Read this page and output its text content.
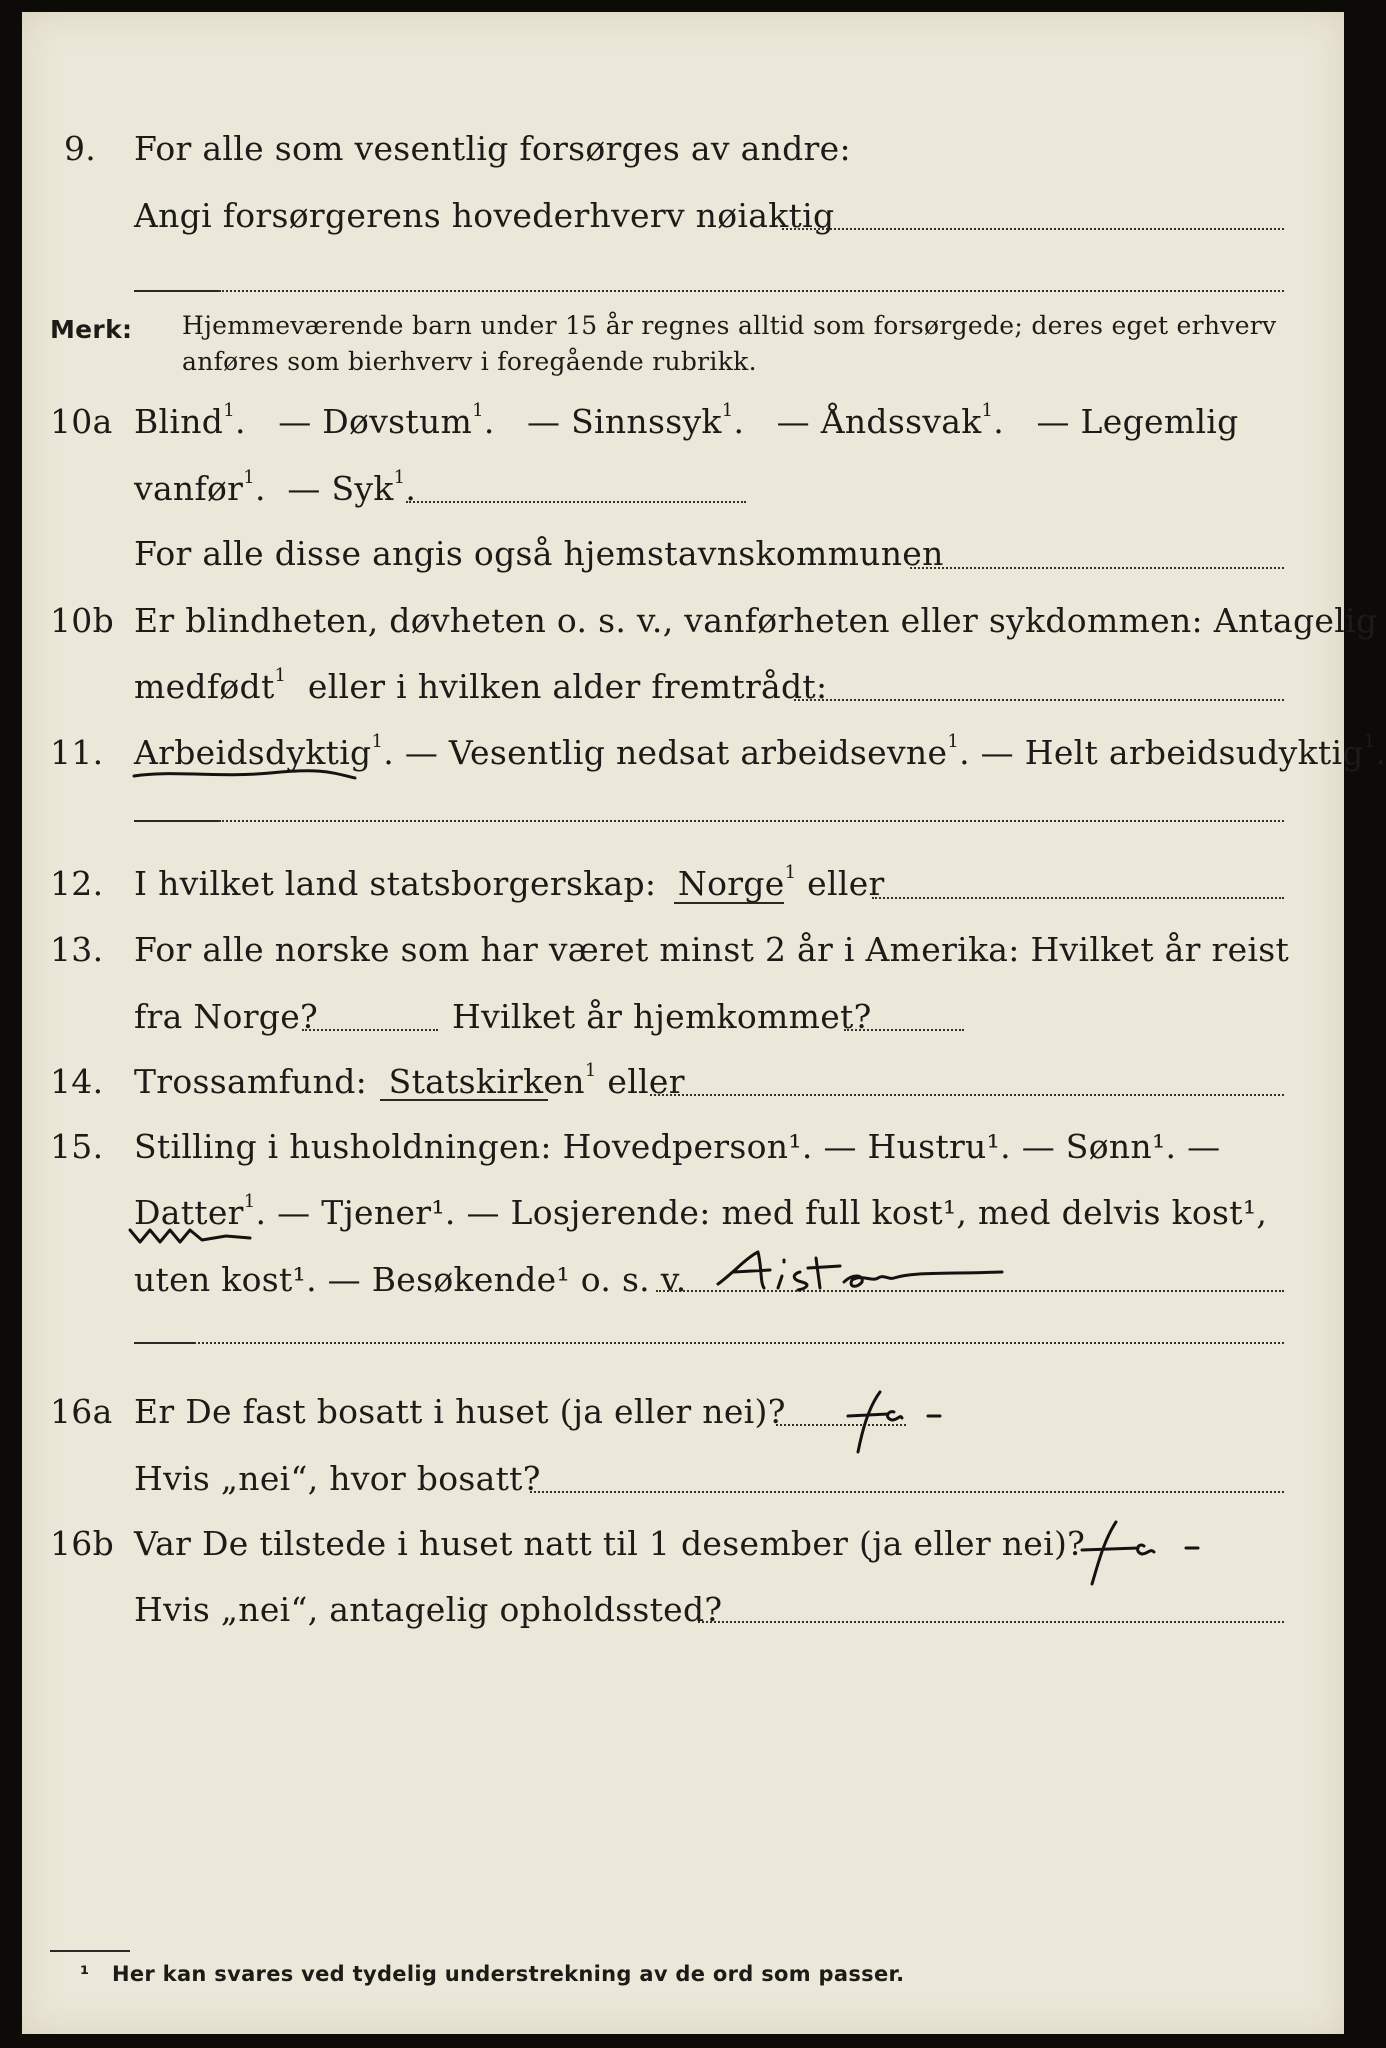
9. For alle som vesentlig forsørges av andre:
Angi forsørgerens hovederhverv nøiaktig
Merk: Hjemmeværende barn under 15 år regnes alltid som forsørgede; deres eget erhverv
anføres som bierhverv i foregående rubrikk.
10a Blind$^1$.   — Døvstum$^1$.   — Sinnssyk$^1$.   — Åndssvak$^1$.   — Legemlig
vanfør$^1$.  — Syk$^1$.
For alle disse angis også hjemstavnskommunen
10b Er blindheten, døvheten o. s. v., vanførheten eller sykdommen: Antagelig
medfødt$^1$ eller i hvilken alder fremtrådt:
11. Arbeidsdyktig$^1$. — Vesentlig nedsat arbeidsevne$^1$. — Helt arbeidsudyktig$^1$.
12. I hvilket land statsborgerskap: Norge$^1$ eller
13. For alle norske som har været minst 2 år i Amerika: Hvilket år reist
fra Norge?	Hvilket år hjemkommet?
14. Trossamfund: Statskirken$^1$ eller
15. Stilling i husholdningen: Hovedperson¹. — Hustru¹. — Sønn¹. —
Datter$^1$. — Tjener¹. — Losjerende: med full kost¹, med delvis kost¹,
uten kost¹. — Besøkende¹ o. s. v.
16a Er De fast bosatt i huset (ja eller nei)?
Hvis „nei“, hvor bosatt?
16b Var De tilstede i huset natt til 1 desember (ja eller nei)?
Hvis „nei“, antagelig opholdssted?
¹ Her kan svares ved tydelig understrekning av de ord som passer.
